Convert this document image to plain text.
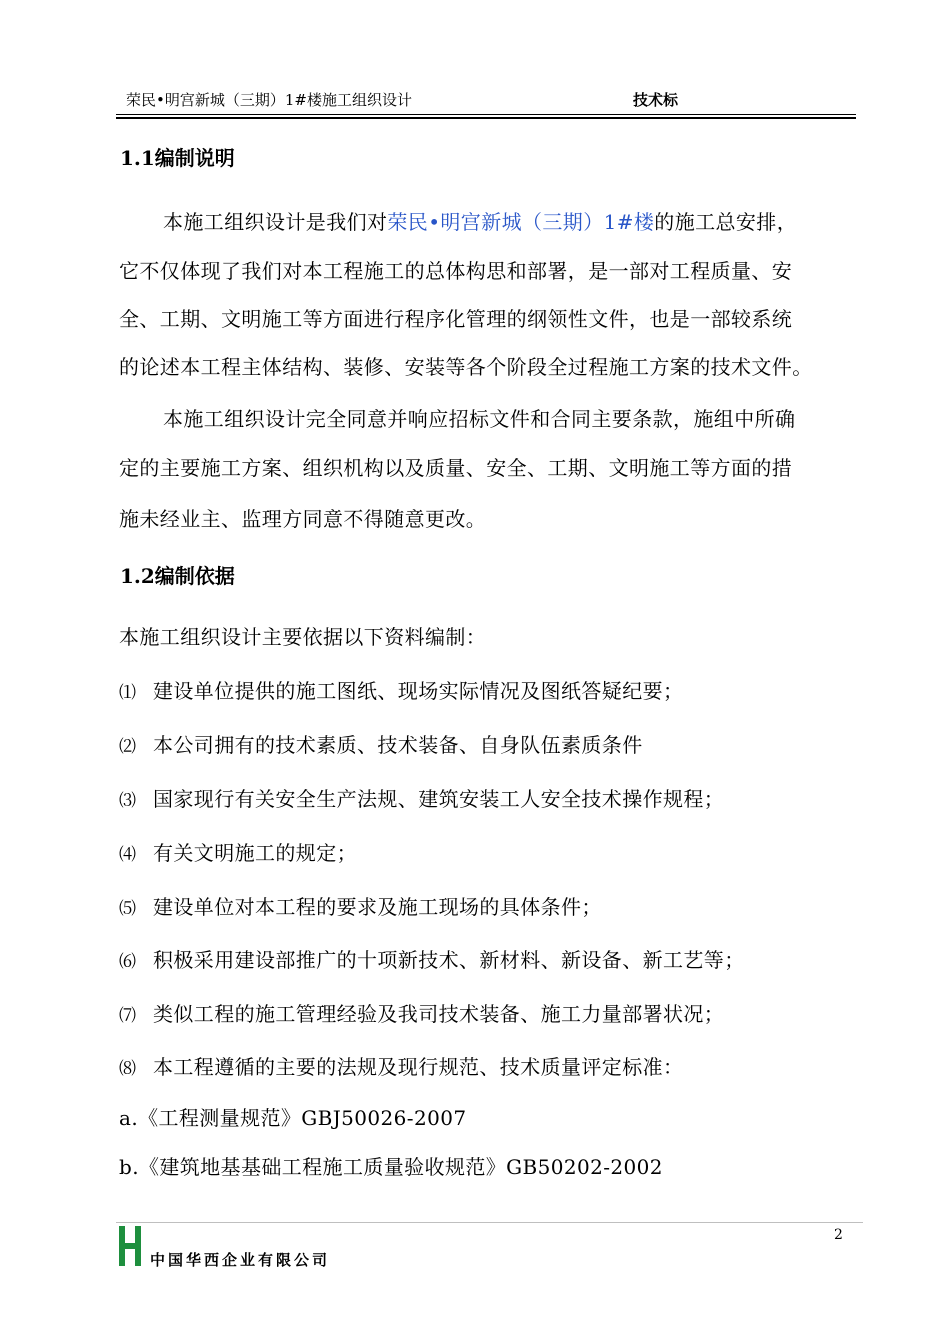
荣民•明宫新城（三期）1#楼施工组织设计	技术标
1.1编制说明
本施工组织设计是我们对荣民•明宫新城（三期）1#楼的施工总安排，
它不仅体现了我们对本工程施工的总体构思和部署，是一部对工程质量、安
全、工期、文明施工等方面进行程序化管理的纲领性文件，也是一部较系统
的论述本工程主体结构、装修、安装等各个阶段全过程施工方案的技术文件。
本施工组织设计完全同意并响应招标文件和合同主要条款，施组中所确
定的主要施工方案、组织机构以及质量、安全、工期、文明施工等方面的措
施未经业主、监理方同意不得随意更改。
1.2编制依据
本施工组织设计主要依据以下资料编制：
⑴ 建设单位提供的施工图纸、现场实际情况及图纸答疑纪要；
⑵ 本公司拥有的技术素质、技术装备、自身队伍素质条件
⑶ 国家现行有关安全生产法规、建筑安装工人安全技术操作规程；
⑷ 有关文明施工的规定；
⑸ 建设单位对本工程的要求及施工现场的具体条件；
⑹ 积极采用建设部推广的十项新技术、新材料、新设备、新工艺等；
⑺ 类似工程的施工管理经验及我司技术装备、施工力量部署状况；
⑻ 本工程遵循的主要的法规及现行规范、技术质量评定标准：
a.《工程测量规范》GBJ50026-2007
b.《建筑地基基础工程施工质量验收规范》GB50202-2002
2
中国华西企业有限公司
